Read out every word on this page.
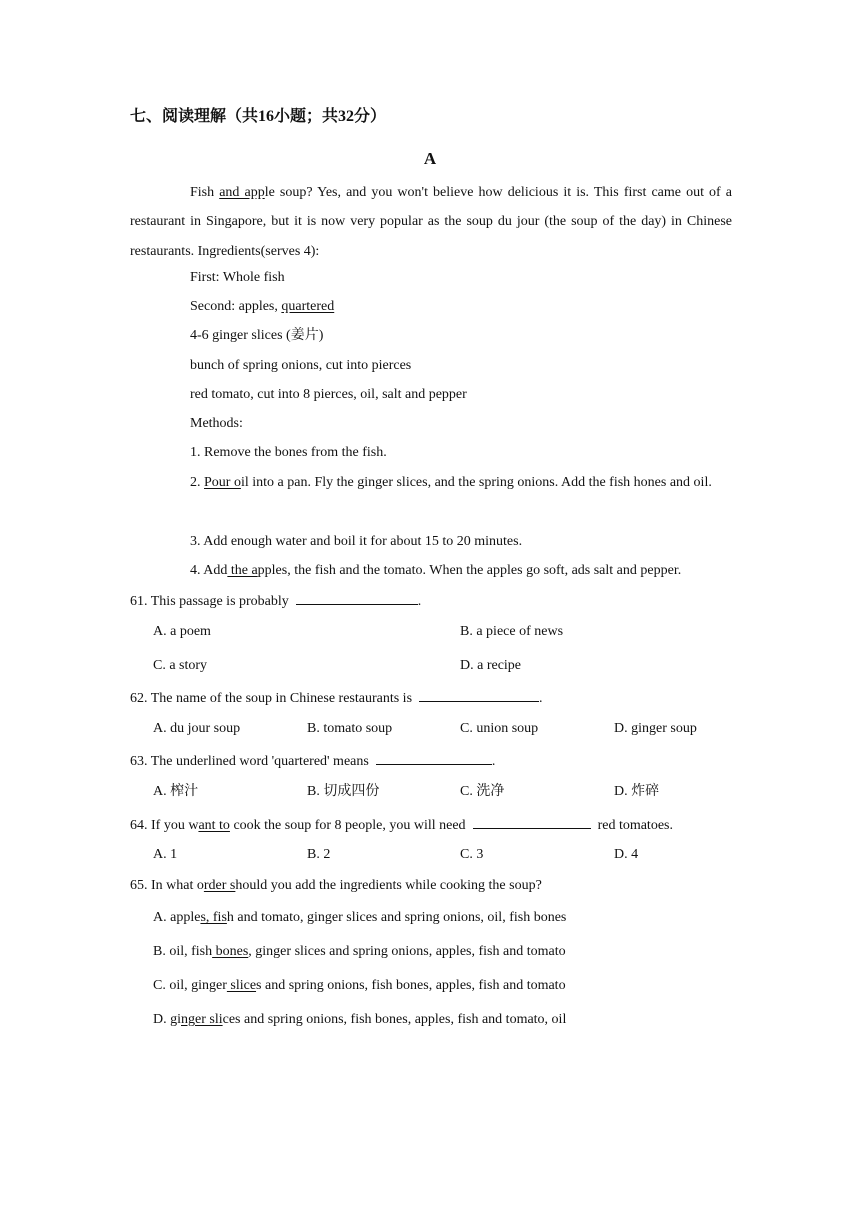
七、阅读理解（共16小题；共32分）
A
Fish and apple soup? Yes, and you won't believe how delicious it is. This first came out of a restaurant in Singapore, but it is now very popular as the soup du jour (the soup of the day) in Chinese restaurants. Ingredients(serves 4):
First: Whole fish
Second: apples, quartered
4-6 ginger slices (姜片)
bunch of spring onions, cut into pierces
red tomato, cut into 8 pierces, oil, salt and pepper
Methods:
1. Remove the bones from the fish.
2. Pour oil into a pan. Fly the ginger slices, and the spring onions. Add the fish hones and oil.
3. Add enough water and boil it for about 15 to 20 minutes.
4. Add the apples, the fish and the tomato. When the apples go soft, ads salt and pepper.
61. This passage is probably	.
A. a poem	B. a piece of news
C. a story	D. a recipe
62. The name of the soup in Chinese restaurants is	.
A. du jour soup	B. tomato soup	C. union soup	D. ginger soup
63. The underlined word 'quartered' means	.
A. 榨汁	B. 切成四份	C. 洗净	D. 炸碎
64. If you want to cook the soup for 8 people, you will need	red tomatoes.
A. 1	B. 2	C. 3	D. 4
65. In what order should you add the ingredients while cooking the soup?
A. apples, fish and tomato, ginger slices and spring onions, oil, fish bones
B. oil, fish bones, ginger slices and spring onions, apples, fish and tomato
C. oil, ginger slices and spring onions, fish bones, apples, fish and tomato
D. ginger slices and spring onions, fish bones, apples, fish and tomato, oil
